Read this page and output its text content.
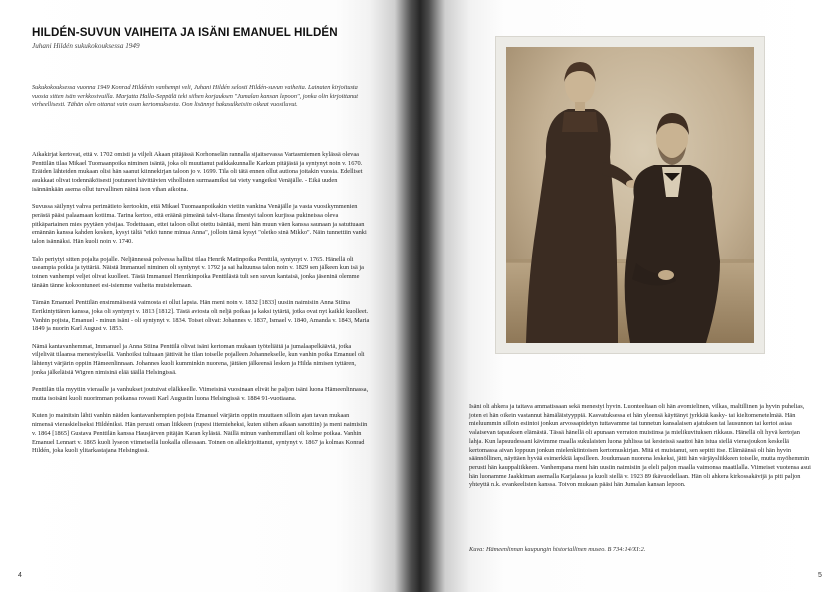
HILDÉN-SUVUN VAIHEITA JA ISÄNI EMANUEL HILDÉN
Juhani Hildén sukukokouksessa 1949
Sukukokouksessa vuonna 1949 Konrad Hildénin vanhempi veli, Juhani Hildén selosti Hildén-suvun vaiheita. Lainaten kirjoitusta vuosia sitten isän verkkosivuilla. Marjatta Halla-Seppälä teki siihen korjauksen "Jumalan kansan lepoon", jonka olin kirjoittanut virheellisesti. Tähän olen ottanut vain osan kertomuksesta. Oon lisännyt hakasulkeisiin oikeat vuosiluvut.

Aikakirjat kertovat, että v. 1702 omisti ja viljeli Akaan pitäjässä Korhonselän rannalla sijaitsevassa Vartasmiemen kylässä olevaa Penttilän tilaa Mikael Tuomaanpoika niminen isäntä, joka oli muuttanut paikkakunnalle Karkun pitäjästä ja syntynyt noin v. 1670. Eräiden lähteiden mukaan olisi hän saanut kiinnekirjan taloon jo v. 1699. Tila oli tätä ennen ollut autiona joitakin vuosia. Edelliset asukkaat olivat todennäköisesti joutuneet hävittävien vihollisten surmaamiksi tai viety vangeiksi Venäjälle. - Eikä uuden isännänkään asema ollut turvallinen näinä ison vihan aikoina.

Suvussa säilynyt vahva perimätieto kertookin, että Mikael Tuomaanpoikakin vietiin vankina Venäjälle ja vasta vuosikymmenien perästä pääsi palaamaan kotiima. Tarina kertoo, että eräänä pimeänä talvi-iltana ilmestyi taloon kurjissa pukineissa oleva pitkäpartainen mies pyytäen yösijaa. Todettuaan, ettei taloon ollut otettu isäntää, meni hän muun väen kanssa saunaan ja satuttuaan emännän kanssa kahden kesken, kysyi tältä "etkö tunne minua Anna", jolloin tämä kysyi "oletko sinä Mikko". Näin tunnettiin vanki talon isännäksi. Hän kuoli noin v. 1740.

Talo periytyi sitten pojalta pojalle. Neljännessä polvessa hallitsi tilaa Henrik Matinpoika Penttilä, syntynyt v. 1765. Hänellä oli useampia poikia ja tyttäriä. Näistä Immanuel niminen oli syntynyt v. 1792 ja sai haltuunsa talon noin v. 1829 sen jälkeen kun isä ja toinen vanhempi veljet olivat kuolleet. Tästä Immanuel Henrikinpoika Penttilästä tuli sen suvun kantaisä, jonka jäseninä olemme tänään tänne kokoontuneet esi-isiemme vaiheita muistelemaan.

Tämän Emanuel Penttilän ensimmäisestä vaimosta ei ollut lapsia. Hän meni noin v. 1832 [1833] uusiin naimisiin Anna Stiina Eerikintyttären kanssa, joka oli syntynyt v. 1813 [1812]. Tästä aviosta oli neljä poikaa ja kaksi tytärtä, jotka ovat nyt kaikki kuolleet. Vanhin pojista, Emanuel - minun isäni - oli syntynyt v. 1834. Toiset olivat: Johannes v. 1837, Ismael v. 1840, Amanda v. 1843, Maria 1849 ja nuorin Karl August v. 1853.

Nämä kantavanhemmat, Immanuel ja Anna Stiina Penttilä olivat isäni kertoman mukaan työteliäitä ja jumalaapelkääviä, jotka viljelivät tilaansa menestyksellä. Vanhoiksi tultuaan jättivät he tilan toiselle pojalleen Johannekselle, kun vanhin poika Emanuel oli lähtenyt värjärin oppiin Hämeenlinnaan. Johannes kuoli kumminkin nuorena, jättäen jälkeensä lesken ja Hilda nimisen tyttären, jonka jälkeläisiä Wigren nimisinä elää täällä Helsingissä.

Penttilän tila myytiin vieraalle ja vanhukset joutuivat elälkkeelle. Viimeisinä vuosinaan elivät he paljon isäni luona Hämeenlinnassa, mutta isoisäni kuoli nuorimman poikansa rovasti Karl Augustin luona Helsingissä v. 1884 91-vuotiaana.

Kuten jo mainitsin lähti vanhin näiden kantavanhempien pojista Emanuel värjärin oppiin muuttaen silloin ajan tavan mukaan nimensä vieraskieliseksi Hildéniksi. Hän perusti oman liikkeen (rupesi ittemieheksi, kuten siihen aikaan sanottiin) ja meni naimisiin v. 1864 [1865] Gustava Penttilän kanssa Hausjärven pitäjän Karan kylästä. Näillä minun vanhemmillani oli kolme poikaa. Vanhin Emanuel Lennart v. 1865 kuoli lyseon viimeisellä luokalla ollessaan. Toinen on allekirjoittanut, syntynyt v. 1867 ja kolmas Konrad Hildén, joka kuoli ylitarkastajana Helsingissä.

4
Isäni oli ahkera ja taitava ammatissaan sekä menestyi hyvin. Luonteeltaan oli hän avomielinen, vilkas, maltillinen ja hyvin puhelias, joten ei hän oikein vastannut hämäläistyyppiä. Kasvatuksessa ei hän yleensä käyttänyt jyrkkää kasky- tai kieltomenetelmää. Hän mieluummin silloin esiintoi jonkun arvossapidetyn tuttavamme tai tunnetun kansalaisen ajatuksen tai lausunnon tai kertoi asiaa valaisevan tapauksen elämästä. Tässä hänellä oli apunaan verraton muistinsa ja mielikuvituksen rikkaus. Hänellä oli hyvä kertojan lahja. Kun lapsuudessani kävimme maalla sukulaisten luona juhlissa tai kesteissä saattoi hän istua siellä vierasjoukon keskellä kertomassa aivan loppuun jonkun mielenkiintoisen kertomuskirjan. Mitä ei muistanut, sen sepitti itse. Elämäänsä oli hän hyvin säännöllinen, näyttäen hyvää esimerkkiä lapsilleen. Joudumaan nuorena leskeksi, jätti hän värjäysliikkeen toiselle, mutta myöhemmin perusti hän kauppaliikkeen. Vanhempana meni hän uusiin naimisiin ja eleli paljon maalla vaimonsa maatilalla. Viimeiset vuotensa asui hän luonamme Jaakkiman asemalla Karjalassa ja kuoli siellä v. 1923 89 ikävuodellaan. Hän oli ahkera kirkossakävijä ja piti paljon yhteyttä n.k. evankeelisten kanssa. Toivon mukaan pääsi hän Jumalan kansan lepoon.
Kuva: Hämeenlinnan kaupungin historiallinen museo. B 734:14/XI:2.
5
